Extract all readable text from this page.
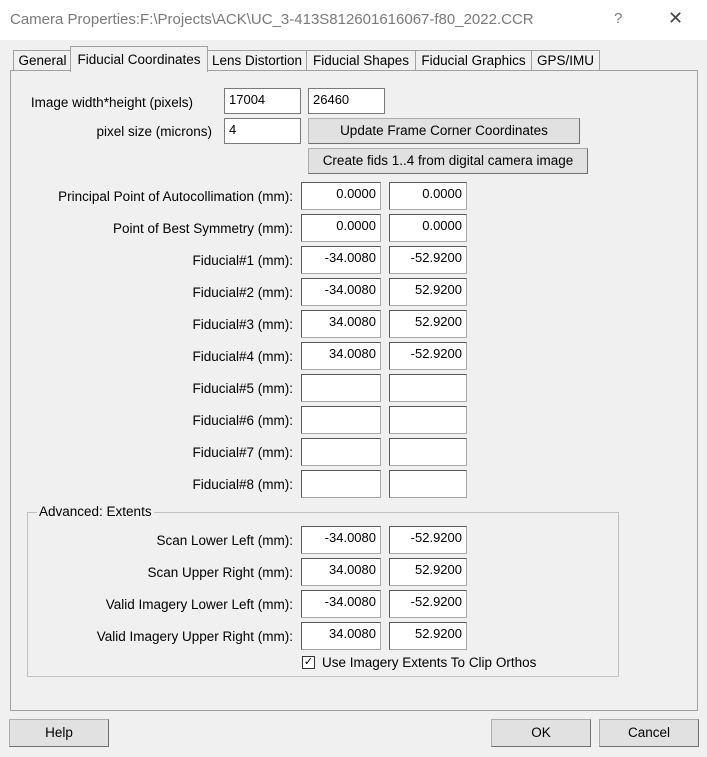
Camera Properties:F:\Projects\ACK\UC_3-413S812601616067-f80_2022.CCR	?	✕
General Fiducial Coordinates Lens Distortion Fiducial Shapes Fiducial Graphics GPS/IMU
Image width*height (pixels)	17004	26460
pixel size (microns)	4	Update Frame Corner Coordinates
Create fids 1..4 from digital camera image
Principal Point of Autocollimation (mm):	0.0000	0.0000
Point of Best Symmetry (mm):	0.0000	0.0000
Fiducial#1 (mm):	-34.0080	-52.9200
Fiducial#2 (mm):	-34.0080	52.9200
Fiducial#3 (mm):	34.0080	52.9200
Fiducial#4 (mm):	34.0080	-52.9200
Fiducial#5 (mm):
Fiducial#6 (mm):
Fiducial#7 (mm):
Fiducial#8 (mm):
Advanced: Extents
Scan Lower Left (mm):	-34.0080	-52.9200
Scan Upper Right (mm):	34.0080	52.9200
Valid Imagery Lower Left (mm):	-34.0080	-52.9200
Valid Imagery Upper Right (mm):	34.0080	52.9200
✓ Use Imagery Extents To Clip Orthos
Help	OK	Cancel
